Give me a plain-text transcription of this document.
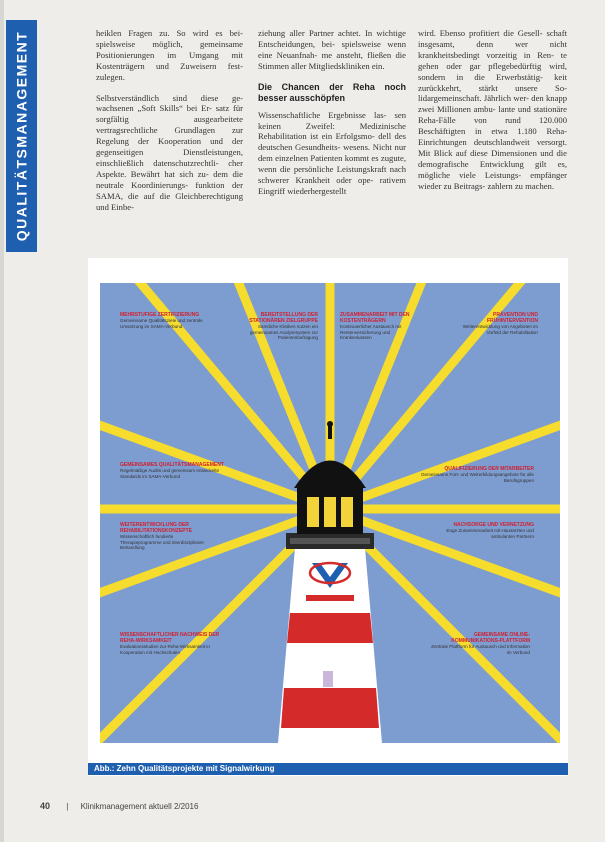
QUALITÄTSMANAGEMENT	heiklen Fragen zu. So wird es bei- spielsweise möglich, gemeinsame Positionierungen im Umgang mit Kostenträgern und Zuweisern fest- zulegen.

Selbstverständlich sind diese ge- wachsenen „Soft Skills“ bei Er- satz für sorgfältig ausgearbeitete vertragsrechtliche Grundlagen zur Regelung der Kooperation und der gegenseitigen Dienstleistungen, einschließlich datenschutzrechtli- cher Aspekte. Bewährt hat sich zu- dem die neutrale Koordinierungs- funktion der SAMA, die auf die Gleichberechtigung und Einbe-

ziehung aller Partner achtet. In wichtige Entscheidungen, bei- spielsweise wenn eine Neuanfnah- me ansteht, fließen die Stimmen aller Mitgliedskliniken ein.

Die Chancen der Reha noch besser ausschöpfen

Wissenschaftliche Ergebnisse las- sen keinen Zweifel: Medizinische Rehabilitation ist ein Erfolgsmo- dell des deutschen Gesundheits- wesens. Nicht nur dem einzelnen Patienten kommt es zugute, wenn die persönliche Leistungskraft nach schwerer Krankheit oder ope- rativem Eingriff wiederhergestellt

wird. Ebenso profitiert die Gesell- schaft insgesamt, denn wer nicht krankheitsbedingt vorzeitig in Ren- te gehen oder gar pflegebedürftig wird, sondern in die Erwerbstätig- keit zurückkehrt, stärkt unsere So- lidargemeinschaft. Jährlich wer- den knapp zwei Millionen ambu- lante und stationäre Reha-Fälle von rund 120.000 Beschäftigten in etwa 1.180 Reha-Einrichtungen deutschlandweit versorgt. Mit Blick auf diese Dimensionen und die demografische Entwicklung gilt es, mögliche viele Leistungs- empfänger wieder zu Beitrags- zahlern zu machen.

MEHRSTUFIGE ZERTIFIZIERUNG
Gemeinsame Qualitätsziele und zentrale Umsetzung im SAMA-Verbund
BEREITSTELLUNG DER STATIONÄREN ZIELGRUPPE
Sämtliche Kliniken nutzen ein gemeinsames Analysesystem zur Patientenbefragung
ZUSAMMENARBEIT MIT DEN KOSTENTRÄGERN
Kontinuierlicher Austausch mit Rentenversicherung und Krankenkassen
PRÄVENTION UND FRÜHINTERVENTION
Weiterentwicklung von Angeboten im Vorfeld der Rehabilitation
GEMEINSAMES QUALITÄTSMANAGEMENT
Regelmäßige Audits und gemeinsam entwickelte Standards im SAMA-Verbund
QUALIFIZIERUNG DER MITARBEITER
Gemeinsame Fort- und Weiterbildungsangebote für alle Berufsgruppen
WEITERENTWICKLUNG DER REHABILITATIONSKONZEPTE
Wissenschaftlich fundierte Therapieprogramme und interdisziplinäre Behandlung
NACHSORGE UND VERNETZUNG
Enge Zusammenarbeit mit Hausärzten und ambulanten Partnern
WISSENSCHAFTLICHER NACHWEIS DER REHA-WIRKSAMKEIT
Evaluationsstudien zur Reha-Wirksamkeit in Kooperation mit Hochschulen
GEMEINSAME ONLINE-KOMMUNIKATIONS-PLATTFORM
Zentrale Plattform für Austausch und Information im Verbund
Abb.: Zehn Qualitätsprojekte mit Signalwirkung
40 | Klinikmanagement aktuell 2/2016
